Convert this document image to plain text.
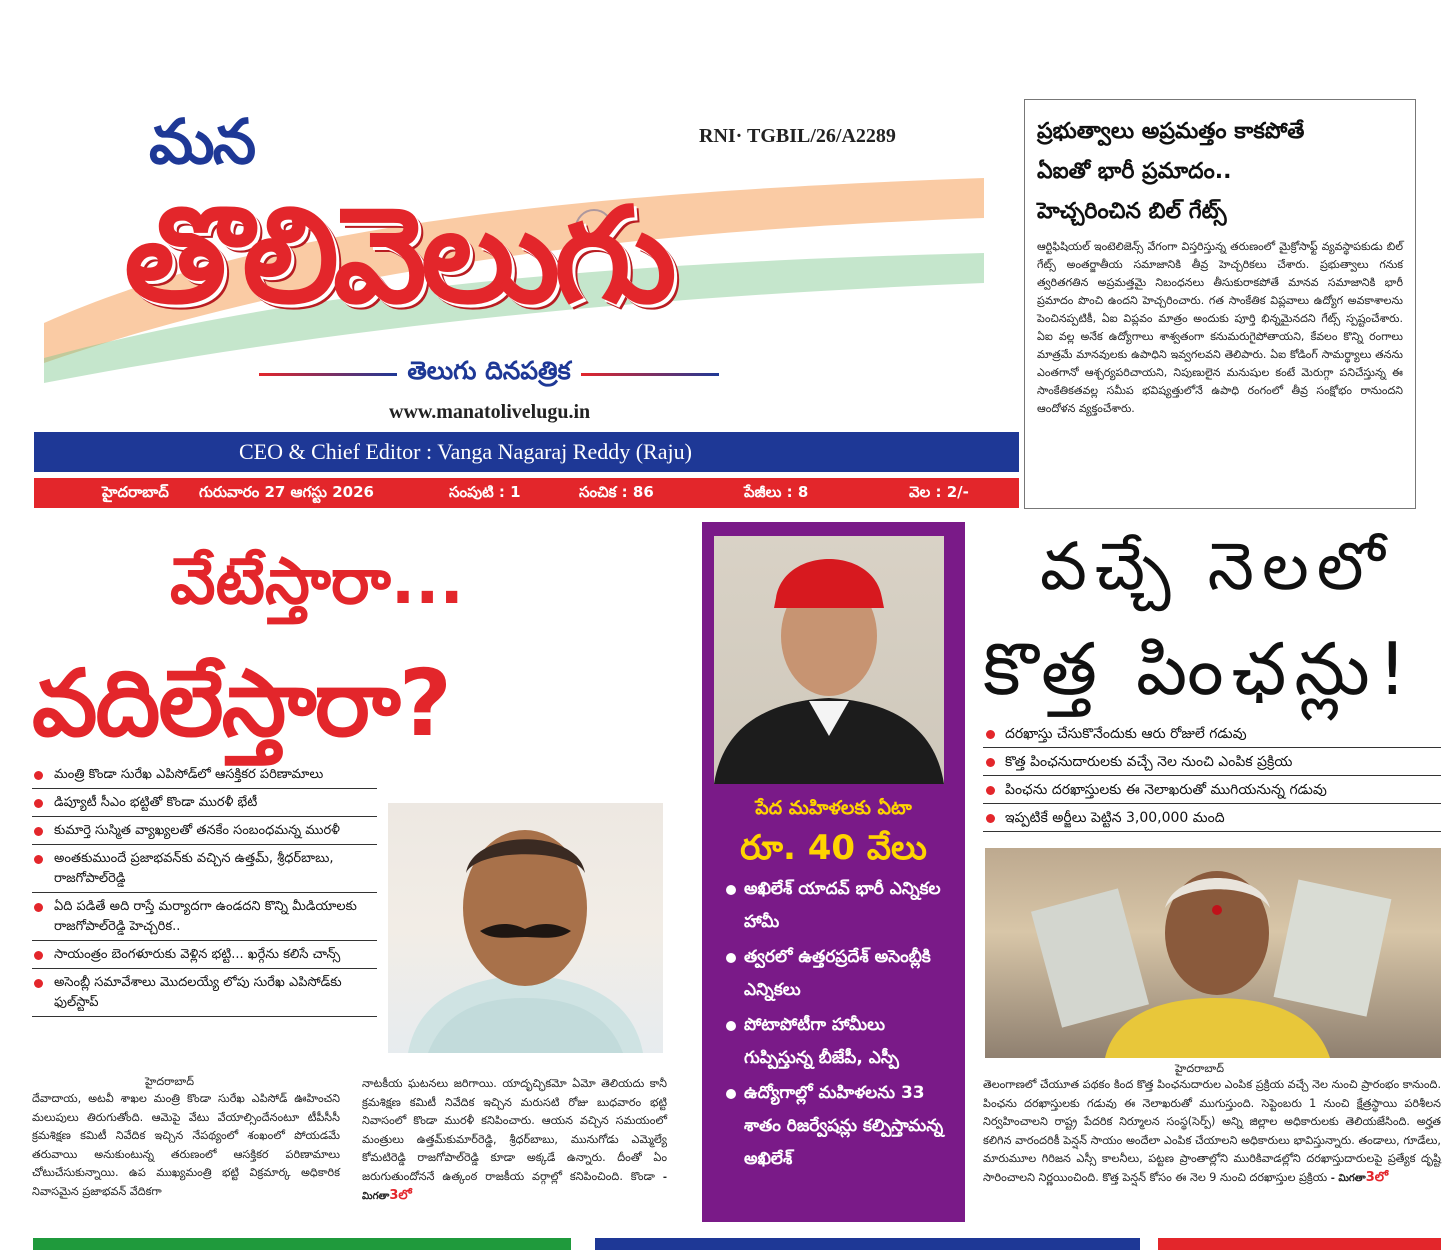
మన	RNI· TGBIL/26/A2289
తొలివెలుగు
తెలుగు దినపత్రిక
www.manatolivelugu.in
CEO & Chief Editor : Vanga Nagaraj Reddy (Raju)
హైదరాబాద్ గురువారం 27 ఆగస్టు 2026	సంపుటి : 1	సంచిక : 86	పేజీలు : 8	వెల : 2/-
ప్రభుత్వాలు అప్రమత్తం కాకపోతే
ఏఐతో భారీ ప్రమాదం..
హెచ్చరించిన బిల్ గేట్స్

ఆర్టిఫిషియల్ ఇంటెలిజెన్స్ వేగంగా విస్తరిస్తున్న తరుణంలో మైక్రోసాఫ్ట్ వ్యవస్థాపకుడు బిల్ గేట్స్ అంతర్జాతీయ సమాజానికి తీవ్ర హెచ్చరికలు చేశారు. ప్రభుత్వాలు గనుక త్వరితగతిన అప్రమత్తమై నిబంధనలు తీసుకురాకపోతే మానవ సమాజానికి భారీ ప్రమాదం పొంచి ఉందని హెచ్చరించారు. గత సాంకేతిక విప్లవాలు ఉద్యోగ అవకాశాలను పెంచినప్పటికీ, ఏఐ విప్లవం మాత్రం అందుకు పూర్తి భిన్నమైనదని గేట్స్ స్పష్టంచేశారు. ఏఐ వల్ల అనేక ఉద్యోగాలు శాశ్వతంగా కనుమరుగైపోతాయని, కేవలం కొన్ని రంగాలు మాత్రమే మానవులకు ఉపాధిని ఇవ్వగలవని తెలిపారు. ఏఐ కోడింగ్ సామర్థ్యాలు తనను ఎంతగానో ఆశ్చర్యపరిచాయని, నిపుణులైన మనుషుల కంటే మెరుగ్గా పనిచేస్తున్న ఈ సాంకేతికతవల్ల సమీప భవిష్యత్తులోనే ఉపాధి రంగంలో తీవ్ర సంక్షోభం రానుందని ఆందోళన వ్యక్తంచేశారు.

వేటేస్తారా...
వదిలేస్తారా?
మంత్రి కొండా సురేఖ ఎపిసోడ్‌లో ఆసక్తికర పరిణామాలు
డిప్యూటీ సీఎం భట్టితో కొండా మురళీ భేటీ
కుమార్తె సుస్మిత వ్యాఖ్యలతో తనకేం సంబంధమన్న మురళీ
అంతకుముందే ప్రజాభవన్‌కు వచ్చిన ఉత్తమ్, శ్రీధర్‌బాబు, రాజగోపాల్‌రెడ్డి
ఏది పడితే అది రాస్తే మర్యాదగా ఉండదని కొన్ని మీడియాలకు రాజగోపాల్‌రెడ్డి హెచ్చరిక..
సాయంత్రం బెంగళూరుకు వెళ్లిన భట్టి... ఖర్గేను కలిసే చాన్స్
అసెంబ్లీ సమావేశాలు మొదలయ్యే లోపు సురేఖ ఎపిసోడ్‌కు ఫుల్‌స్టాప్
హైదరాబాద్
దేవాదాయ, అటవీ శాఖల మంత్రి కొండా సురేఖ ఎపిసోడ్ ఊహించని మలుపులు తిరుగుతోంది. ఆమెపై వేటు వేయాల్సిందేనంటూ టీపీసీసీ క్రమశిక్షణ కమిటీ నివేదిక ఇచ్చిన నేపథ్యంలో శంఖంలో పోయడమే తరువాయి అనుకుంటున్న తరుణంలో ఆసక్తికర పరిణామాలు చోటుచేసుకున్నాయి. ఉప ముఖ్యమంత్రి భట్టి విక్రమార్క అధికారిక నివాసమైన ప్రజాభవన్ వేదికగా
నాటకీయ ఘటనలు జరిగాయి. యాదృచ్ఛికమో ఏమో తెలియదు కానీ క్రమశిక్షణ కమిటీ నివేదిక ఇచ్చిన మరుసటి రోజు బుధవారం భట్టి నివాసంలో కొండా మురళీ కనిపించారు. ఆయన వచ్చిన సమయంలో మంత్రులు ఉత్తమ్‌కుమార్‌రెడ్డి, శ్రీధర్‌బాబు, మునుగోడు ఎమ్మెల్యే కోమటిరెడ్డి రాజగోపాల్‌రెడ్డి కూడా అక్కడే ఉన్నారు. దీంతో ఏం జరుగుతుందోననే ఉత్కంఠ రాజకీయ వర్గాల్లో కనిపించింది. కొండా - మిగతా3లో
పేద మహిళలకు ఏటా
రూ. 40 వేలు
అఖిలేశ్ యాదవ్ భారీ ఎన్నికల హామీ
త్వరలో ఉత్తరప్రదేశ్ అసెంబ్లీకి ఎన్నికలు
పోటాపోటీగా హామీలు గుప్పిస్తున్న బీజేపీ, ఎస్పీ
ఉద్యోగాల్లో మహిళలను 33 శాతం రిజర్వేషన్లు కల్పిస్తామన్న అఖిలేశ్
వచ్చే నెలలో
కొత్త పింఛన్లు!
దరఖాస్తు చేసుకొనేందుకు ఆరు రోజులే గడువు
కొత్త పింఛనుదారులకు వచ్చే నెల నుంచి ఎంపిక ప్రక్రియ
పింఛను దరఖాస్తులకు ఈ నెలాఖరుతో ముగియనున్న గడువు
ఇప్పటికే అర్జీలు పెట్టిన 3,00,000 మంది
హైదరాబాద్
తెలంగాణలో చేయూత పథకం కింద కొత్త పింఛనుదారుల ఎంపిక ప్రక్రియ వచ్చే నెల నుంచి ప్రారంభం కానుంది. పింఛను దరఖాస్తులకు గడువు ఈ నెలాఖరుతో ముగుస్తుంది. సెప్టెంబరు 1 నుంచి క్షేత్రస్థాయి పరిశీలన నిర్వహించాలని రాష్ట్ర పేదరిక నిర్మూలన సంస్థ(సెర్ప్) అన్ని జిల్లాల అధికారులకు తెలియజేసింది. అర్హత కలిగిన వారందరికీ పెన్షన్ సాయం అందేలా ఎంపిక చేయాలని అధికారులు భావిస్తున్నారు. తండాలు, గూడేలు, మారుమూల గిరిజన ఎస్సీ కాలనీలు, పట్టణ ప్రాంతాల్లోని మురికివాడల్లోని దరఖాస్తుదారులపై ప్రత్యేక దృష్టి సారించాలని నిర్ణయించింది. కొత్త పెన్షన్ కోసం ఈ నెల 9 నుంచి దరఖాస్తుల ప్రక్రియ - మిగతా3లో
